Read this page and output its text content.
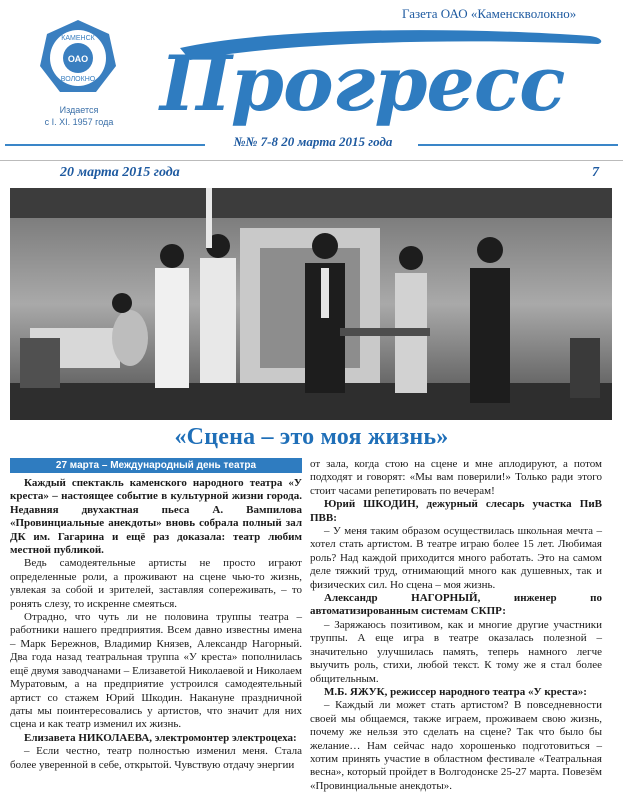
ОАО
КАМЕНСК
ВОЛОКНО
Издается
с I. XI. 1957 года
Газета ОАО «Каменскволокно»
Прогресс
№№ 7-8 20 марта 2015 года
20 марта 2015 года	7
«Сцена – это моя жизнь»
27 марта – Международный день театра

Каждый спектакль каменского народного театра «У креста» – настоящее событие в культурной жизни города. Недавняя двухактная пьеса А. Вампилова «Провинциальные анекдоты» вновь собрала полный зал ДК им. Гагарина и ещё раз доказала: театр любим местной публикой.

Ведь самодеятельные артисты не просто играют определенные роли, а проживают на сцене чью-то жизнь, увлекая за собой и зрителей, заставляя сопереживать, – то ронять слезу, то искренне смеяться.

Отрадно, что чуть ли не половина труппы театра – работники нашего предприятия. Всем давно известны имена – Марк Бережнов, Владимир Князев, Александр Нагорный. Два года назад театральная труппа «У креста» пополнилась ещё двумя заводчанами – Елизаветой Николаевой и Николаем Муратовым, а на предприятие устроился самодеятельный артист со стажем Юрий Шкодин. Накануне праздничной даты мы поинтересовались у артистов, что значит для них сцена и как театр изменил их жизнь.

Елизавета НИКОЛАЕВА, электромонтер электроцеха:

– Если честно, театр полностью изменил меня. Стала более уверенной в себе, открытой. Чувствую отдачу энергии

от зала, когда стою на сцене и мне аплодируют, а потом подходят и говорят: «Мы вам поверили!» Только ради этого стоит часами репетировать по вечерам!

Юрий ШКОДИН, дежурный слесарь участка ПиВ ПВВ:

– У меня таким образом осуществилась школьная мечта – хотел стать артистом. В театре играю более 15 лет. Любимая роль? Над каждой приходится много работать. Это на самом деле тяжкий труд, отнимающий много как душевных, так и физических сил. Но сцена – моя жизнь.

Александр НАГОРНЫЙ, инженер по автоматизированным системам СКПР:

– Заряжаюсь позитивом, как и многие другие участники труппы. А еще игра в театре оказалась полезной – значительно улучшилась память, теперь намного легче выучить роль, стихи, любой текст. К тому же я стал более общительным.

М.Б. ЯЖУК, режиссер народного театра «У креста»:

– Каждый ли может стать артистом? В повседневности своей мы общаемся, также играем, проживаем свою жизнь, почему же нельзя это сделать на сцене? Так что было бы желание… Нам сейчас надо хорошенько подготовиться – хотим принять участие в областном фестивале «Театральная весна», который пройдет в Волгодонске 25-27 марта. Повезём «Провинциальные анекдоты».
